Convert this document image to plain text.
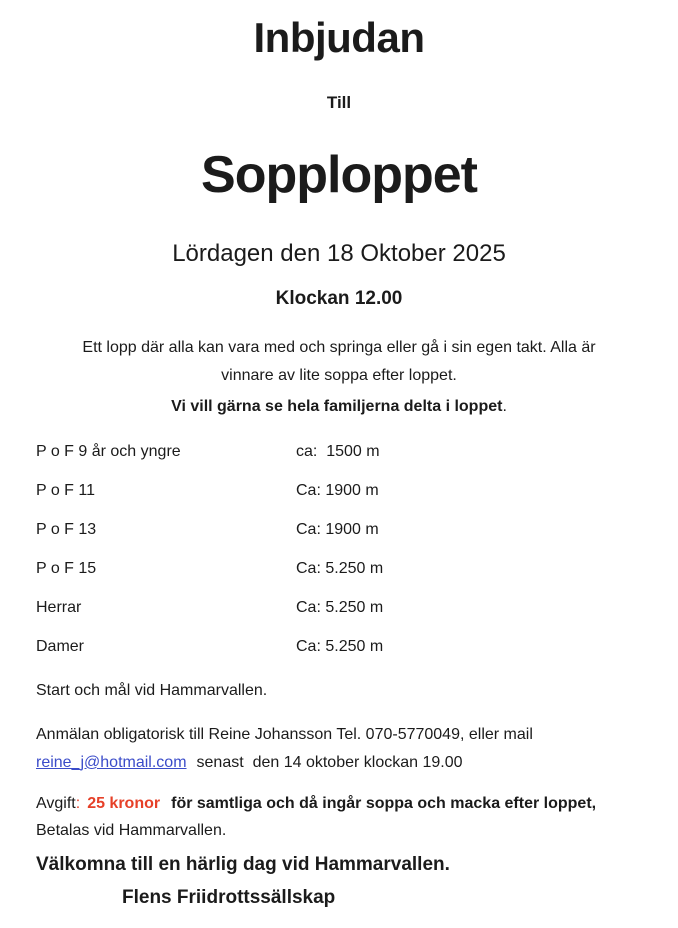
Inbjudan
Till
Sopploppet
Lördagen den 18 Oktober 2025
Klockan 12.00
Ett lopp där alla kan vara med och springa eller gå i sin egen takt. Alla är
vinnare av lite soppa efter loppet.
Vi vill gärna se hela familjerna delta i loppet.
P o F 9 år och yngre	ca:  1500 m
P o F 11	Ca: 1900 m
P o F 13	Ca: 1900 m
P o F 15	Ca: 5.250 m
Herrar	Ca: 5.250 m
Damer	Ca: 5.250 m
Start och mål vid Hammarvallen.
Anmälan obligatorisk till Reine Johansson Tel. 070-5770049, eller mail
reine_j@hotmail.com senast  den 14 oktober klockan 19.00
Avgift: 25 kronor för samtliga och då ingår soppa och macka efter loppet,
Betalas vid Hammarvallen.
Välkomna till en härlig dag vid Hammarvallen.
Flens Friidrottssällskap
